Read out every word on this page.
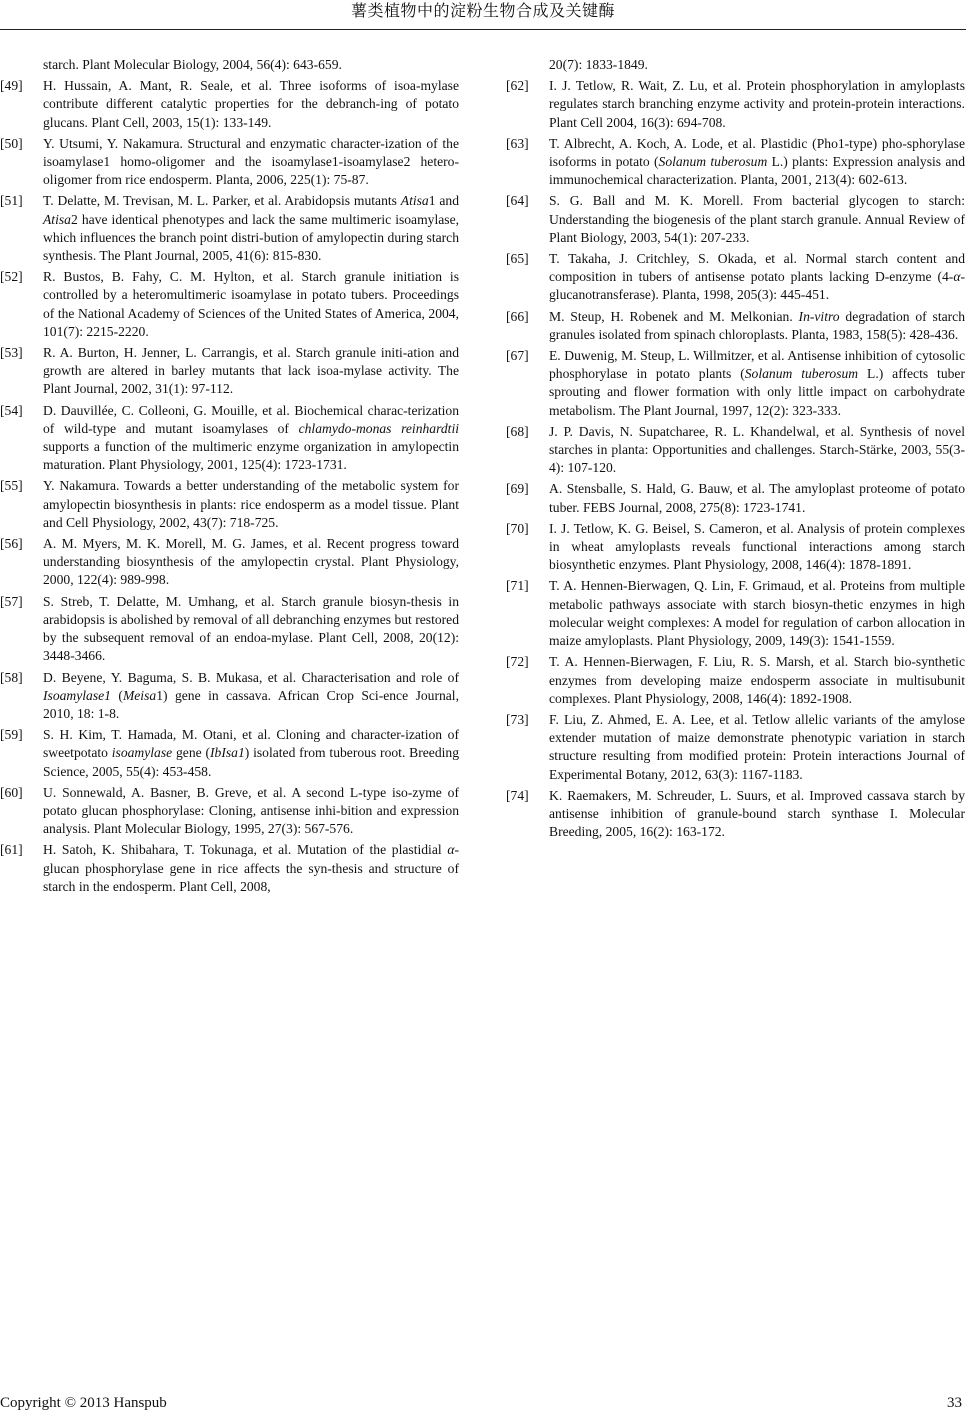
薯类植物中的淀粉生物合成及关键酶
starch. Plant Molecular Biology, 2004, 56(4): 643-659.
[49] H. Hussain, A. Mant, R. Seale, et al. Three isoforms of isoa-mylase contribute different catalytic properties for the debranch-ing of potato glucans. Plant Cell, 2003, 15(1): 133-149.
[50] Y. Utsumi, Y. Nakamura. Structural and enzymatic character-ization of the isoamylase1 homo-oligomer and the isoamylase1-isoamylase2 hetero-oligomer from rice endosperm. Planta, 2006, 225(1): 75-87.
[51] T. Delatte, M. Trevisan, M. L. Parker, et al. Arabidopsis mutants Atisa1 and Atisa2 have identical phenotypes and lack the same multimeric isoamylase, which influences the branch point distri-bution of amylopectin during starch synthesis. The Plant Journal, 2005, 41(6): 815-830.
[52] R. Bustos, B. Fahy, C. M. Hylton, et al. Starch granule initiation is controlled by a heteromultimeric isoamylase in potato tubers. Proceedings of the National Academy of Sciences of the United States of America, 2004, 101(7): 2215-2220.
[53] R. A. Burton, H. Jenner, L. Carrangis, et al. Starch granule initi-ation and growth are altered in barley mutants that lack isoa-mylase activity. The Plant Journal, 2002, 31(1): 97-112.
[54] D. Dauvillée, C. Colleoni, G. Mouille, et al. Biochemical charac-terization of wild-type and mutant isoamylases of chlamydo-monas reinhardtii supports a function of the multimeric enzyme organization in amylopectin maturation. Plant Physiology, 2001, 125(4): 1723-1731.
[55] Y. Nakamura. Towards a better understanding of the metabolic system for amylopectin biosynthesis in plants: rice endosperm as a model tissue. Plant and Cell Physiology, 2002, 43(7): 718-725.
[56] A. M. Myers, M. K. Morell, M. G. James, et al. Recent progress toward understanding biosynthesis of the amylopectin crystal. Plant Physiology, 2000, 122(4): 989-998.
[57] S. Streb, T. Delatte, M. Umhang, et al. Starch granule biosyn-thesis in arabidopsis is abolished by removal of all debranching enzymes but restored by the subsequent removal of an endoa-mylase. Plant Cell, 2008, 20(12): 3448-3466.
[58] D. Beyene, Y. Baguma, S. B. Mukasa, et al. Characterisation and role of Isoamylase1 (Meisa1) gene in cassava. African Crop Sci-ence Journal, 2010, 18: 1-8.
[59] S. H. Kim, T. Hamada, M. Otani, et al. Cloning and character-ization of sweetpotato isoamylase gene (IbIsa1) isolated from tuberous root. Breeding Science, 2005, 55(4): 453-458.
[60] U. Sonnewald, A. Basner, B. Greve, et al. A second L-type iso-zyme of potato glucan phosphorylase: Cloning, antisense inhi-bition and expression analysis. Plant Molecular Biology, 1995, 27(3): 567-576.
[61] H. Satoh, K. Shibahara, T. Tokunaga, et al. Mutation of the plastidial α-glucan phosphorylase gene in rice affects the syn-thesis and structure of starch in the endosperm. Plant Cell, 2008,
20(7): 1833-1849.
[62] I. J. Tetlow, R. Wait, Z. Lu, et al. Protein phosphorylation in amyloplasts regulates starch branching enzyme activity and protein-protein interactions. Plant Cell 2004, 16(3): 694-708.
[63] T. Albrecht, A. Koch, A. Lode, et al. Plastidic (Pho1-type) pho-sphorylase isoforms in potato (Solanum tuberosum L.) plants: Expression analysis and immunochemical characterization. Planta, 2001, 213(4): 602-613.
[64] S. G. Ball and M. K. Morell. From bacterial glycogen to starch: Understanding the biogenesis of the plant starch granule. Annual Review of Plant Biology, 2003, 54(1): 207-233.
[65] T. Takaha, J. Critchley, S. Okada, et al. Normal starch content and composition in tubers of antisense potato plants lacking D-enzyme (4-α-glucanotransferase). Planta, 1998, 205(3): 445-451.
[66] M. Steup, H. Robenek and M. Melkonian. In-vitro degradation of starch granules isolated from spinach chloroplasts. Planta, 1983, 158(5): 428-436.
[67] E. Duwenig, M. Steup, L. Willmitzer, et al. Antisense inhibition of cytosolic phosphorylase in potato plants (Solanum tuberosum L.) affects tuber sprouting and flower formation with only little impact on carbohydrate metabolism. The Plant Journal, 1997, 12(2): 323-333.
[68] J. P. Davis, N. Supatcharee, R. L. Khandelwal, et al. Synthesis of novel starches in planta: Opportunities and challenges. Starch-Stärke, 2003, 55(3-4): 107-120.
[69] A. Stensballe, S. Hald, G. Bauw, et al. The amyloplast proteome of potato tuber. FEBS Journal, 2008, 275(8): 1723-1741.
[70] I. J. Tetlow, K. G. Beisel, S. Cameron, et al. Analysis of protein complexes in wheat amyloplasts reveals functional interactions among starch biosynthetic enzymes. Plant Physiology, 2008, 146(4): 1878-1891.
[71] T. A. Hennen-Bierwagen, Q. Lin, F. Grimaud, et al. Proteins from multiple metabolic pathways associate with starch biosyn-thetic enzymes in high molecular weight complexes: A model for regulation of carbon allocation in maize amyloplasts. Plant Physiology, 2009, 149(3): 1541-1559.
[72] T. A. Hennen-Bierwagen, F. Liu, R. S. Marsh, et al. Starch bio-synthetic enzymes from developing maize endosperm associate in multisubunit complexes. Plant Physiology, 2008, 146(4): 1892-1908.
[73] F. Liu, Z. Ahmed, E. A. Lee, et al. Tetlow allelic variants of the amylose extender mutation of maize demonstrate phenotypic variation in starch structure resulting from modified protein: Protein interactions Journal of Experimental Botany, 2012, 63(3): 1167-1183.
[74] K. Raemakers, M. Schreuder, L. Suurs, et al. Improved cassava starch by antisense inhibition of granule-bound starch synthase I. Molecular Breeding, 2005, 16(2): 163-172.
Copyright © 2013 Hanspub	33
